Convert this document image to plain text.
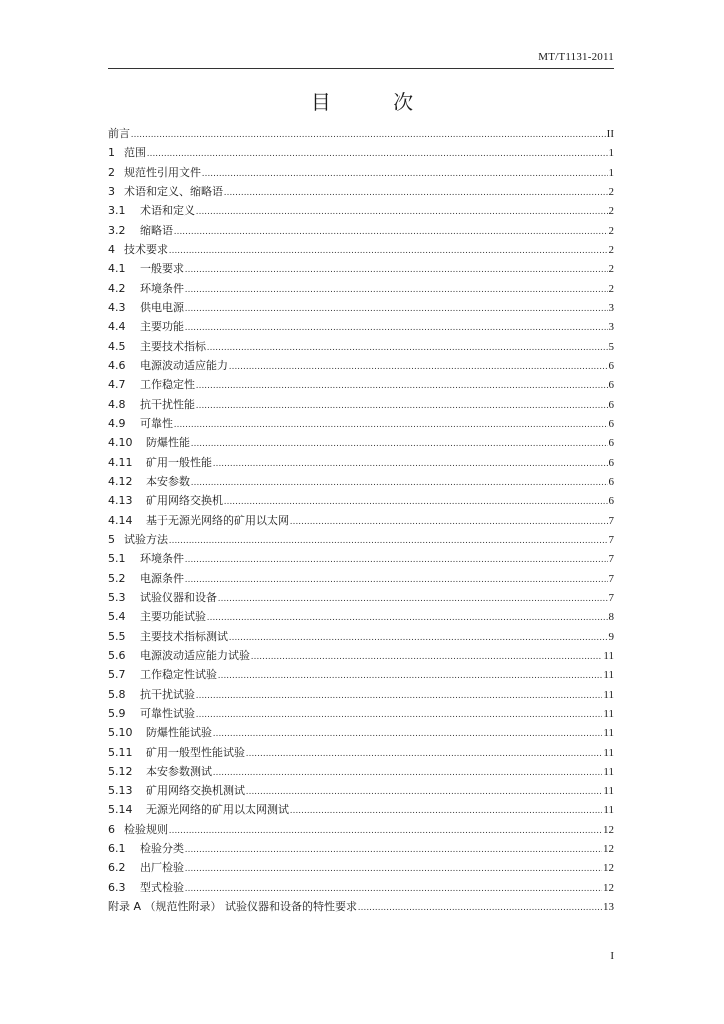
MT/T1131-2011
目 次
前言 .....	II
1 范围 .....	1
2 规范性引用文件 .....	1
3 术语和定义、缩略语 .....	2
3.1	术语和定义 .....	2
3.2	缩略语 .....	2
4 技术要求 .....	2
4.1	一般要求 .....	2
4.2	环境条件 .....	2
4.3	供电电源 .....	3
4.4	主要功能 .....	3
4.5	主要技术指标 .....	5
4.6	电源波动适应能力 .....	6
4.7	工作稳定性 .....	6
4.8	抗干扰性能 .....	6
4.9	可靠性 .....	6
4.10	防爆性能 .....	6
4.11	矿用一般性能 .....	6
4.12	本安参数 .....	6
4.13	矿用网络交换机 .....	6
4.14	基于无源光网络的矿用以太网 .....	7
5 试验方法 .....	7
5.1	环境条件 .....	7
5.2	电源条件 .....	7
5.3	试验仪器和设备 .....	7
5.4	主要功能试验 .....	8
5.5	主要技术指标测试 .....	9
5.6	电源波动适应能力试验 .....	11
5.7	工作稳定性试验 .....	11
5.8	抗干扰试验 .....	11
5.9	可靠性试验 .....	11
5.10	防爆性能试验 .....	11
5.11	矿用一般型性能试验 .....	11
5.12	本安参数测试 .....	11
5.13	矿用网络交换机测试 .....	11
5.14	无源光网络的矿用以太网测试 .....	11
6 检验规则 .....	12
6.1	检验分类 .....	12
6.2	出厂检验 .....	12
6.3	型式检验 .....	12
附录 A （规范性附录） 试验仪器和设备的特性要求 .....	13
I
